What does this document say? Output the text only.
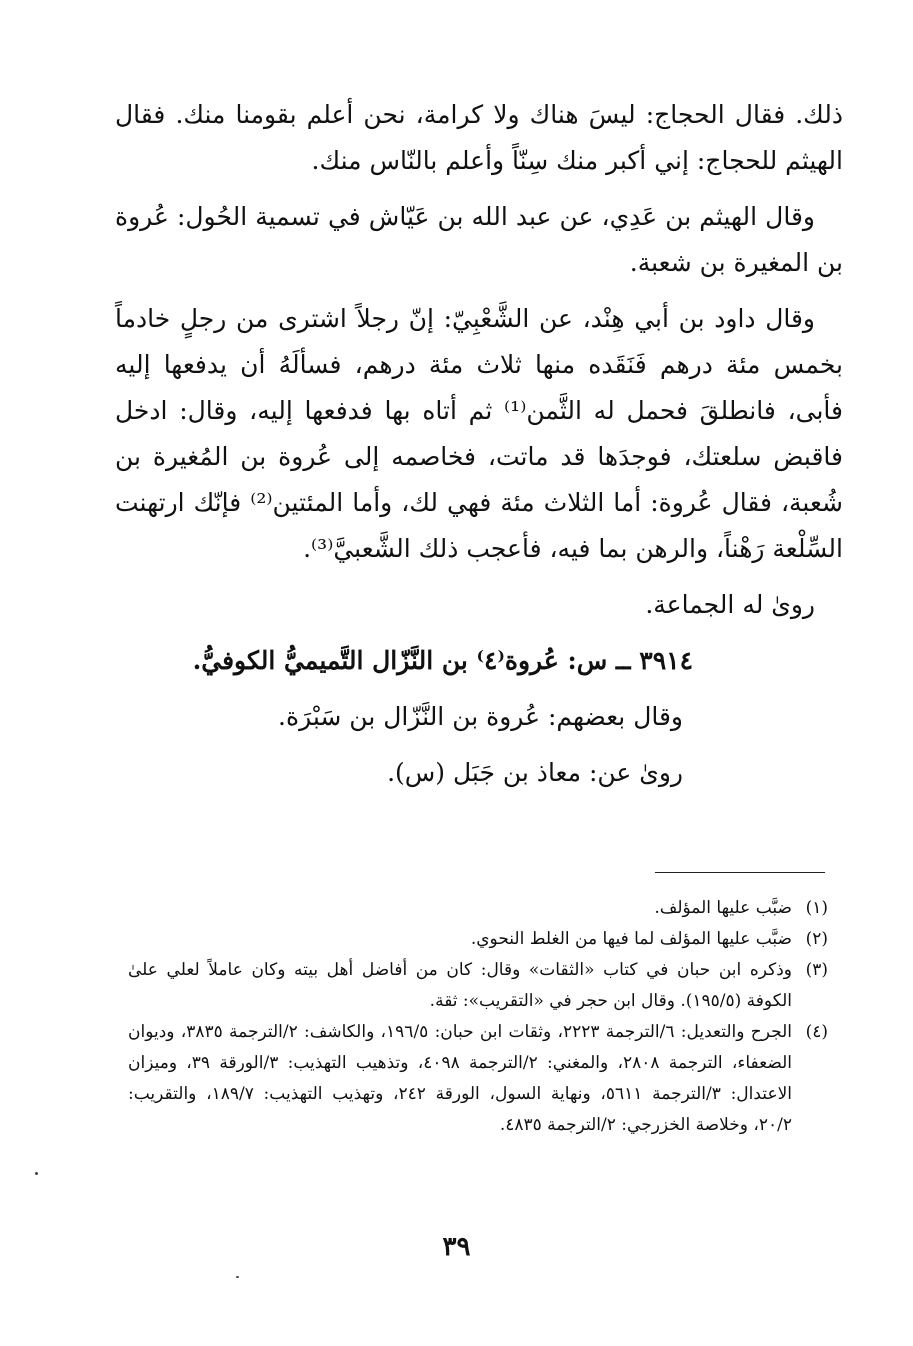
ذلك. فقال الحجاج: ليسَ هناك ولا كرامة، نحن أعلم بقومنا منك. فقال الهيثم للحجاج: إني أكبر منك سِنّاً وأعلم بالنّاس منك.

وقال الهيثم بن عَدِي، عن عبد الله بن عَيّاش في تسمية الحُول: عُروة بن المغيرة بن شعبة.

وقال داود بن أبي هِنْد، عن الشَّعْبِيّ: إنّ رجلاً اشترى من رجلٍ خادماً بخمس مئة درهم فَنَقَده منها ثلاث مئة درهم، فسألَهُ أن يدفعها إليه فأبى، فانطلقَ فحمل له الثَّمن⁽¹⁾ ثم أتاه بها فدفعها إليه، وقال: ادخل فاقبض سلعتك، فوجدَها قد ماتت، فخاصمه إلى عُروة بن المُغيرة بن شُعبة، فقال عُروة: أما الثلاث مئة فهي لك، وأما المئتين⁽²⁾ فإنّك ارتهنت السِّلْعة رَهْناً، والرهن بما فيه، فأعجب ذلك الشَّعبيَّ⁽³⁾.

روىٰ له الجماعة.

٣٩١٤ ــ س: عُروة⁽٤⁾ بن النَّزّال التَّميميُّ الكوفيُّ.

وقال بعضهم: عُروة بن النَّزّال بن سَبْرَة.

روىٰ عن: معاذ بن جَبَل (س).

(١)
ضبَّب عليها المؤلف.

(٢)
ضبَّب عليها المؤلف لما فيها من الغلط النحوي.

(٣)
وذكره ابن حبان في كتاب «الثقات» وقال: كان من أفاضل أهل بيته وكان عاملاً لعلي علىٰ الكوفة (١٩٥/٥). وقال ابن حجر في «التقريب»: ثقة.

(٤)
الجرح والتعديل: ٦/الترجمة ٢٢٢٣، وثقات ابن حبان: ١٩٦/٥، والكاشف: ٢/الترجمة ٣٨٣٥، وديوان الضعفاء، الترجمة ٢٨٠٨، والمغني: ٢/الترجمة ٤٠٩٨، وتذهيب التهذيب: ٣/الورقة ٣٩، وميزان الاعتدال: ٣/الترجمة ٥٦١١، ونهاية السول، الورقة ٢٤٢، وتهذيب التهذيب: ١٨٩/٧، والتقريب: ٢٠/٢، وخلاصة الخزرجي: ٢/الترجمة ٤٨٣٥.

٣٩
